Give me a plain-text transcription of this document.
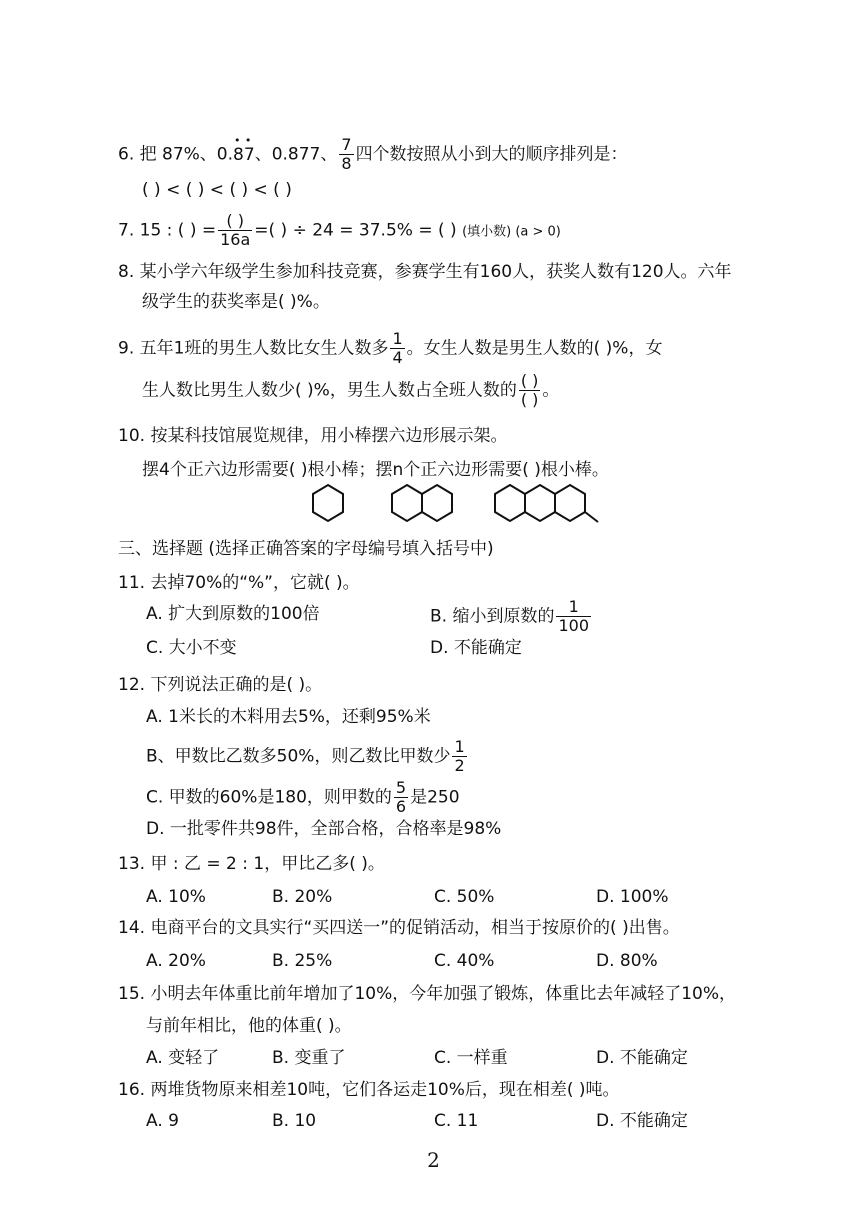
6. 把 87%、0.• 8• 7、0.877、 $\frac{7}{8}$ 四个数按照从小到大的顺序排列是：
( ) < ( ) < ( ) < ( )
7. 15 : ( ) = $\frac{( )}{16a}$ =( ) ÷ 24 = 37.5% = ( ) (填小数) (a > 0)
8. 某小学六年级学生参加科技竞赛，参赛学生有160人，获奖人数有120人。六年
级学生的获奖率是( )%。
9. 五年1班的男生人数比女生人数多 $\frac{1}{4}$ 。女生人数是男生人数的( )%，女
生人数比男生人数少( )%，男生人数占全班人数的 $\frac{( )}{( )}$ 。
10. 按某科技馆展览规律，用小棒摆六边形展示架。
摆4个正六边形需要( )根小棒；摆n个正六边形需要( )根小棒。
三、选择题 (选择正确答案的字母编号填入括号中)
11. 去掉70%的“%”，它就( )。
A. 扩大到原数的100倍	B. 缩小到原数的 $\frac{1}{100}$
C. 大小不变	D. 不能确定
12. 下列说法正确的是( )。
A. 1米长的木料用去5%，还剩95%米
B、甲数比乙数多50%，则乙数比甲数少 $\frac{1}{2}$
C. 甲数的60%是180，则甲数的 $\frac{5}{6}$ 是250
D. 一批零件共98件，全部合格，合格率是98%
13. 甲 : 乙 = 2 : 1，甲比乙多( )。
A. 10%	B. 20%	C. 50%	D. 100%
14. 电商平台的文具实行“买四送一”的促销活动，相当于按原价的( )出售。
A. 20%	B. 25%	C. 40%	D. 80%
15. 小明去年体重比前年增加了10%，今年加强了锻炼，体重比去年减轻了10%，
与前年相比，他的体重( )。
A. 变轻了	B. 变重了	C. 一样重	D. 不能确定
16. 两堆货物原来相差10吨，它们各运走10%后，现在相差( )吨。
A. 9	B. 10	C. 11	D. 不能确定
2
